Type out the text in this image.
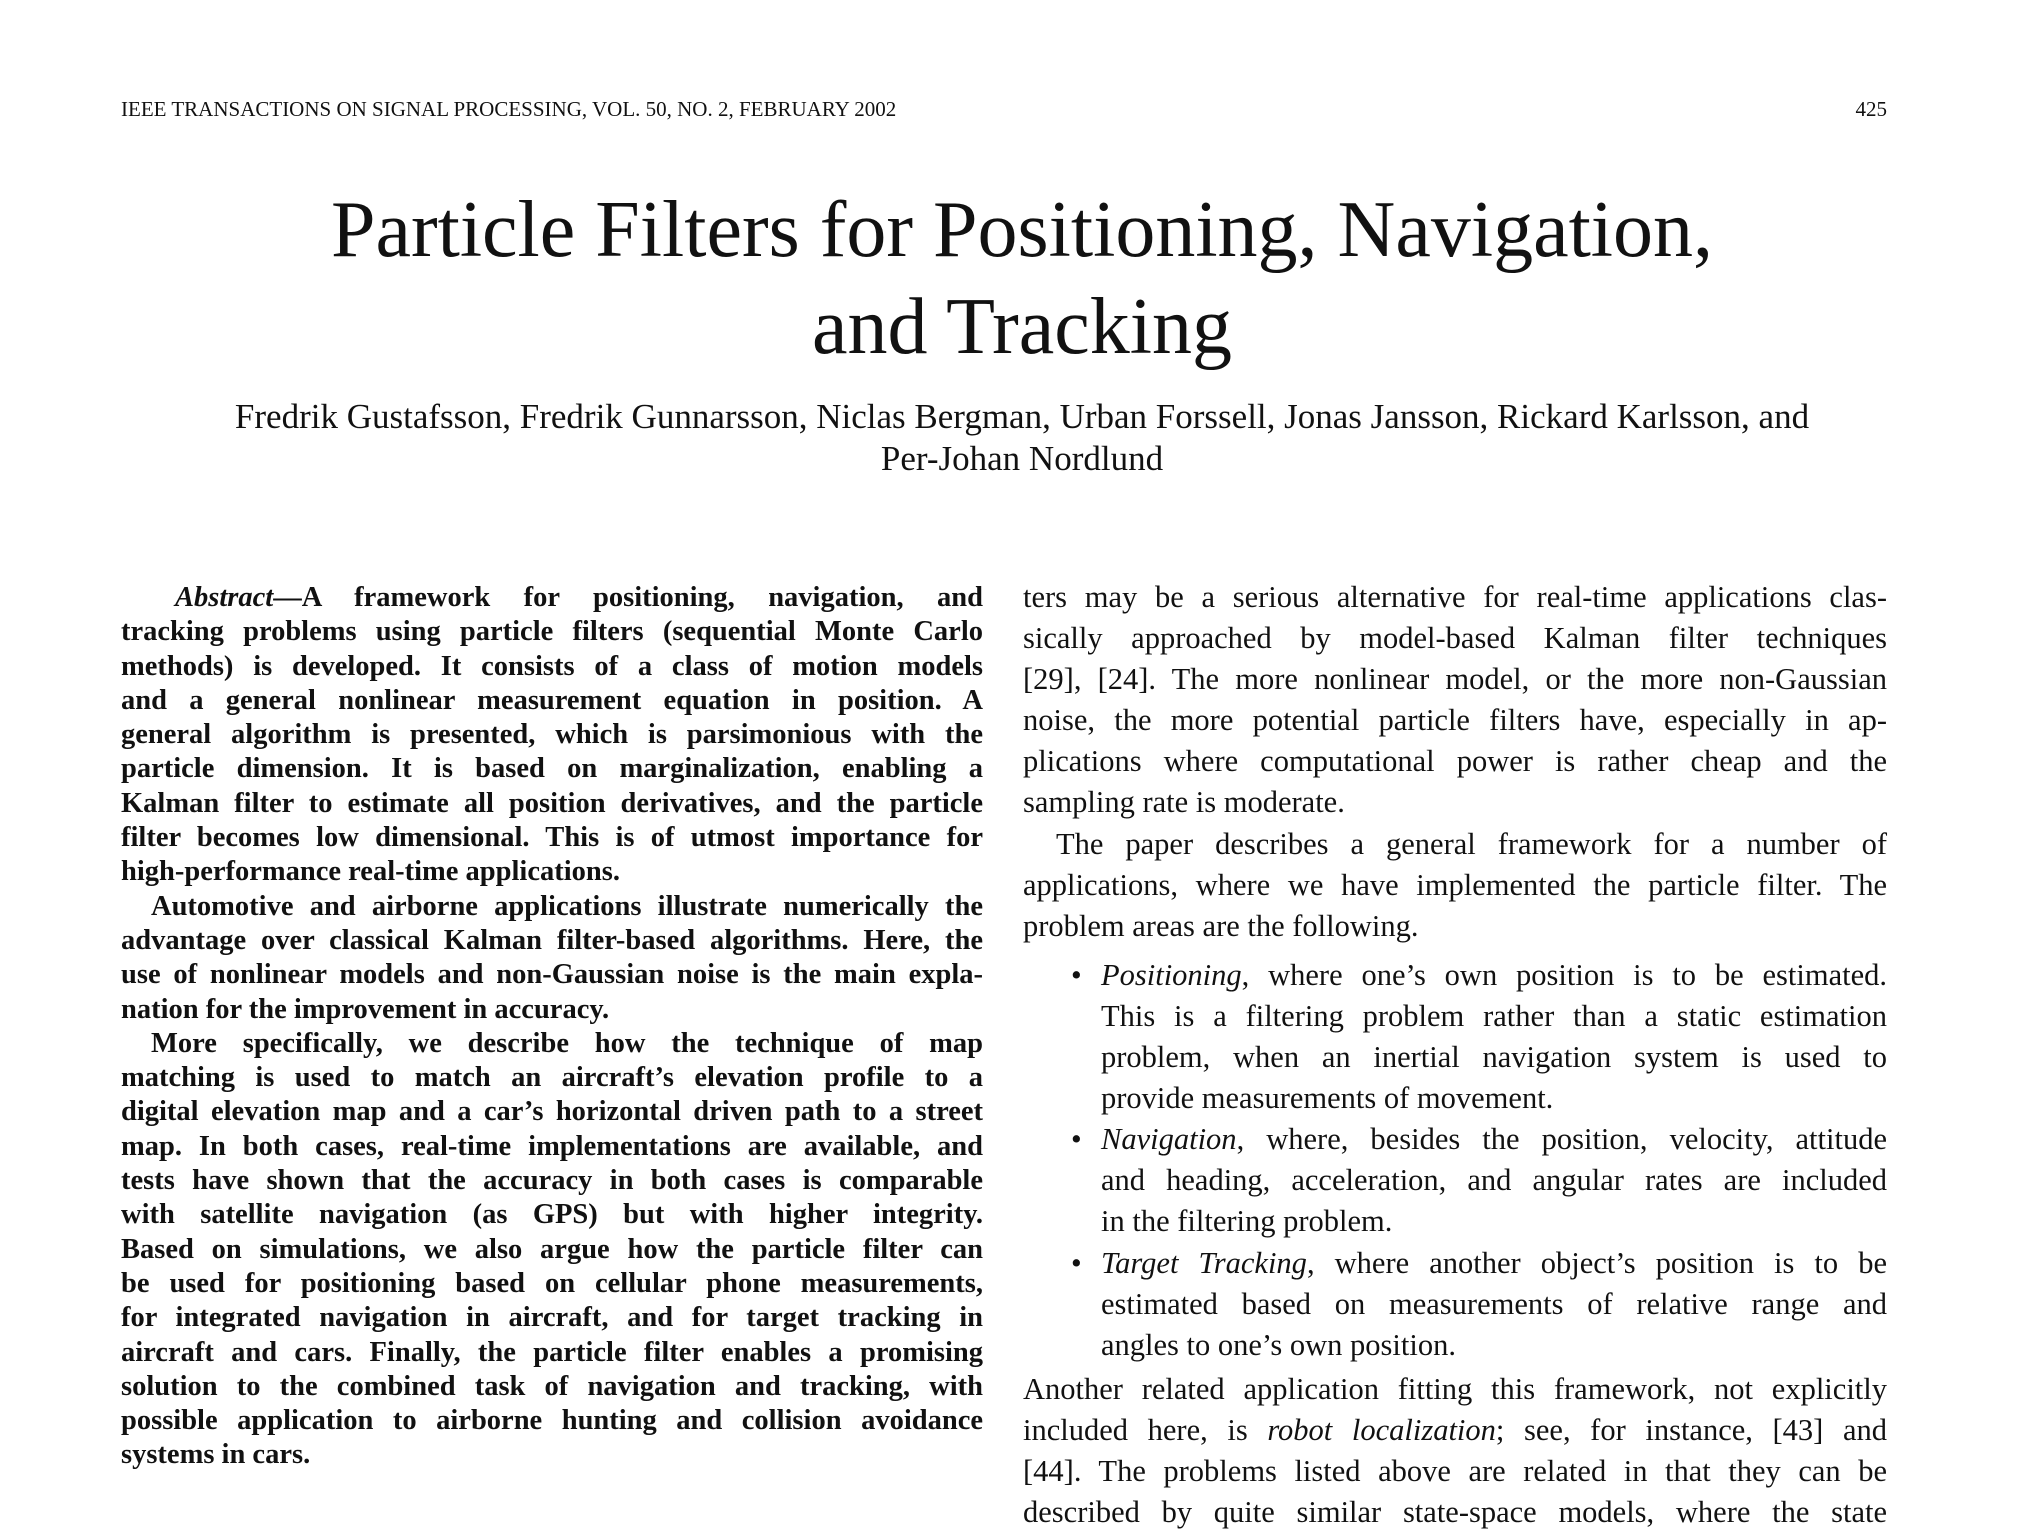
IEEE TRANSACTIONS ON SIGNAL PROCESSING, VOL. 50, NO. 2, FEBRUARY 2002	425
Particle Filters for Positioning, Navigation,
and Tracking
Fredrik Gustafsson, Fredrik Gunnarsson, Niclas Bergman, Urban Forssell, Jonas Jansson, Rickard Karlsson, and
Per-Johan Nordlund
Abstract—A framework for positioning, navigation, and
tracking problems using particle filters (sequential Monte Carlo
methods) is developed. It consists of a class of motion models
and a general nonlinear measurement equation in position. A
general algorithm is presented, which is parsimonious with the
particle dimension. It is based on marginalization, enabling a
Kalman filter to estimate all position derivatives, and the particle
filter becomes low dimensional. This is of utmost importance for
high-performance real-time applications.
Automotive and airborne applications illustrate numerically the
advantage over classical Kalman filter-based algorithms. Here, the
use of nonlinear models and non-Gaussian noise is the main expla-
nation for the improvement in accuracy.
More specifically, we describe how the technique of map
matching is used to match an aircraft’s elevation profile to a
digital elevation map and a car’s horizontal driven path to a street
map. In both cases, real-time implementations are available, and
tests have shown that the accuracy in both cases is comparable
with satellite navigation (as GPS) but with higher integrity.
Based on simulations, we also argue how the particle filter can
be used for positioning based on cellular phone measurements,
for integrated navigation in aircraft, and for target tracking in
aircraft and cars. Finally, the particle filter enables a promising
solution to the combined task of navigation and tracking, with
possible application to airborne hunting and collision avoidance
systems in cars.
ters may be a serious alternative for real-time applications clas-
sically approached by model-based Kalman filter techniques
[29], [24]. The more nonlinear model, or the more non-Gaussian
noise, the more potential particle filters have, especially in ap-
plications where computational power is rather cheap and the
sampling rate is moderate.
The paper describes a general framework for a number of
applications, where we have implemented the particle filter. The
problem areas are the following.
• Positioning, where one’s own position is to be estimated.
This is a filtering problem rather than a static estimation
problem, when an inertial navigation system is used to
provide measurements of movement.
• Navigation, where, besides the position, velocity, attitude
and heading, acceleration, and angular rates are included
in the filtering problem.
• Target Tracking, where another object’s position is to be
estimated based on measurements of relative range and
angles to one’s own position.
Another related application fitting this framework, not explicitly
included here, is robot localization; see, for instance, [43] and
[44]. The problems listed above are related in that they can be
described by quite similar state-space models, where the state
